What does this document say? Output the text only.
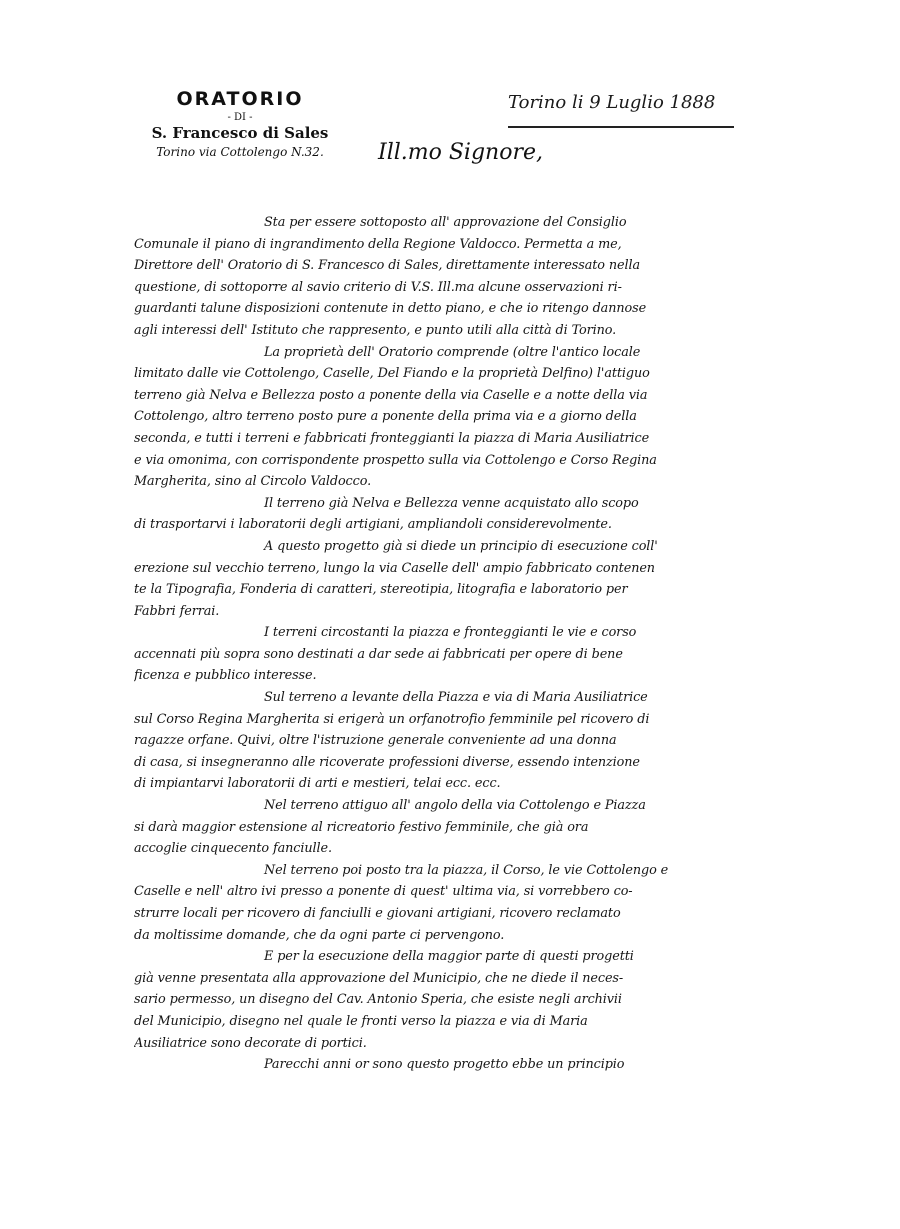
ORATORIO
- DI -
S. Francesco di Sales
Torino via Cottolengo N.32.
Torino li 9 Luglio 1888
Ill.mo Signore,
Sta per essere sottoposto all' approvazione del Consiglio
Comunale il piano di ingrandimento della Regione Valdocco. Permetta a me,
Direttore dell' Oratorio di S. Francesco di Sales, direttamente interessato nella
questione, di sottoporre al savio criterio di V.S. Ill.ma alcune osservazioni ri-
guardanti talune disposizioni contenute in detto piano, e che io ritengo dannose
agli interessi dell' Istituto che rappresento, e punto utili alla città di Torino.
La proprietà dell' Oratorio comprende (oltre l'antico locale
limitato dalle vie Cottolengo, Caselle, Del Fiando e la proprietà Delfino) l'attiguo
terreno già Nelva e Bellezza posto a ponente della via Caselle e a notte della via
Cottolengo, altro terreno posto pure a ponente della prima via e a giorno della
seconda, e tutti i terreni e fabbricati fronteggianti la piazza di Maria Ausiliatrice
e via omonima, con corrispondente prospetto sulla via Cottolengo e Corso Regina
Margherita, sino al Circolo Valdocco.
Il terreno già Nelva e Bellezza venne acquistato allo scopo
di trasportarvi i laboratorii degli artigiani, ampliandoli considerevolmente.
A questo progetto già si diede un principio di esecuzione coll'
erezione sul vecchio terreno, lungo la via Caselle dell' ampio fabbricato contenen
te la Tipografia, Fonderia di caratteri, stereotipia, litografia e laboratorio per
Fabbri ferrai.
I terreni circostanti la piazza e fronteggianti le vie e corso
accennati più sopra sono destinati a dar sede ai fabbricati per opere di bene
ficenza e pubblico interesse.
Sul terreno a levante della Piazza e via di Maria Ausiliatrice
sul Corso Regina Margherita si erigerà un orfanotrofio femminile pel ricovero di
ragazze orfane. Quivi, oltre l'istruzione generale conveniente ad una donna
di casa, si insegneranno alle ricoverate professioni diverse, essendo intenzione
di impiantarvi laboratorii di arti e mestieri, telai ecc. ecc.
Nel terreno attiguo all' angolo della via Cottolengo e Piazza
si darà maggior estensione al ricreatorio festivo femminile, che già ora
accoglie cinquecento fanciulle.
Nel terreno poi posto tra la piazza, il Corso, le vie Cottolengo e
Caselle e nell' altro ivi presso a ponente di quest' ultima via, si vorrebbero co-
strurre locali per ricovero di fanciulli e giovani artigiani, ricovero reclamato
da moltissime domande, che da ogni parte ci pervengono.
E per la esecuzione della maggior parte di questi progetti
già venne presentata alla approvazione del Municipio, che ne diede il neces-
sario permesso, un disegno del Cav. Antonio Speria, che esiste negli archivii
del Municipio, disegno nel quale le fronti verso la piazza e via di Maria
Ausiliatrice sono decorate di portici.
Parecchi anni or sono questo progetto ebbe un principio
